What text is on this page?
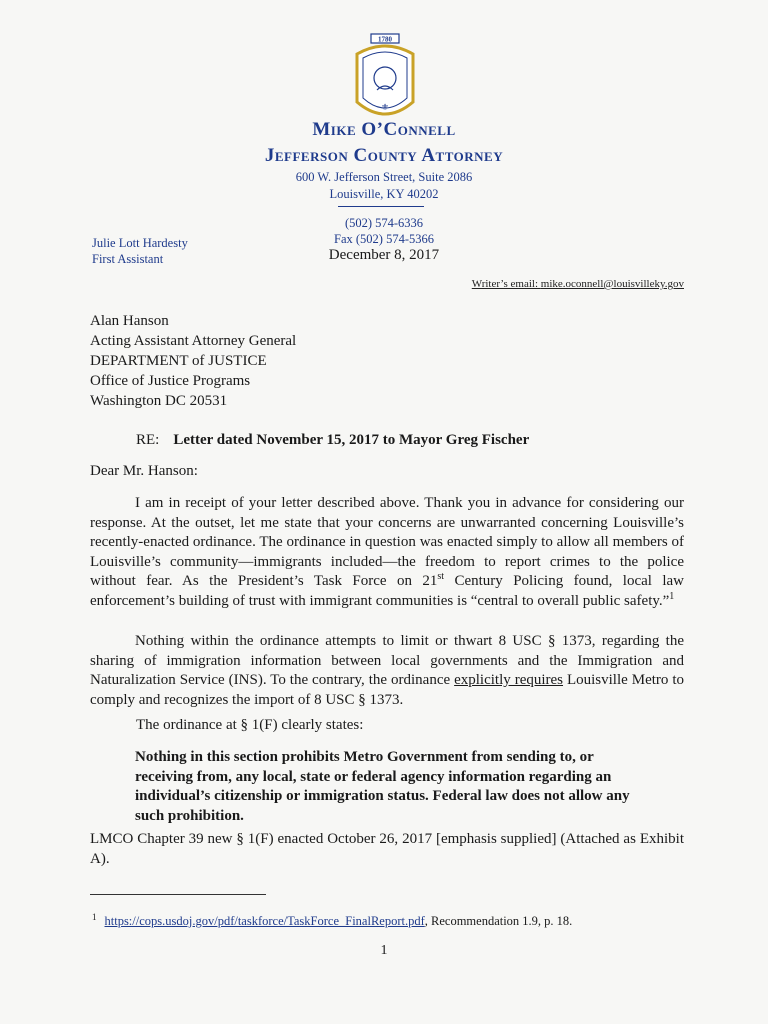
1780
⚜
Mike O’Connell
Jefferson County Attorney
600 W. Jefferson Street, Suite 2086
Louisville, KY 40202
(502) 574-6336
Fax (502) 574-5366
Julie Lott Hardesty
First Assistant	December 8, 2017
Writer’s email: mike.oconnell@louisvilleky.gov
Alan Hanson
Acting Assistant Attorney General
DEPARTMENT of JUSTICE
Office of Justice Programs
Washington DC 20531
RE: Letter dated November 15, 2017 to Mayor Greg Fischer
Dear Mr. Hanson:

I am in receipt of your letter described above. Thank you in advance for considering our response. At the outset, let me state that your concerns are unwarranted concerning Louisville’s recently-enacted ordinance. The ordinance in question was enacted simply to allow all members of Louisville’s community—immigrants included—the freedom to report crimes to the police without fear. As the President’s Task Force on 21st Century Policing found, local law enforcement’s building of trust with immigrant communities is “central to overall public safety.”$^1$

Nothing within the ordinance attempts to limit or thwart 8 USC § 1373, regarding the sharing of immigration information between local governments and the Immigration and Naturalization Service (INS). To the contrary, the ordinance explicitly requires Louisville Metro to comply and recognizes the import of 8 USC § 1373.

The ordinance at § 1(F) clearly states:

Nothing in this section prohibits Metro Government from sending to, or receiving from, any local, state or federal agency information regarding an individual’s citizenship or immigration status. Federal law does not allow any such prohibition.

LMCO Chapter 39 new § 1(F) enacted October 26, 2017 [emphasis supplied] (Attached as Exhibit A).

$^1$ https://cops.usdoj.gov/pdf/taskforce/TaskForce_FinalReport.pdf, Recommendation 1.9, p. 18.
1
